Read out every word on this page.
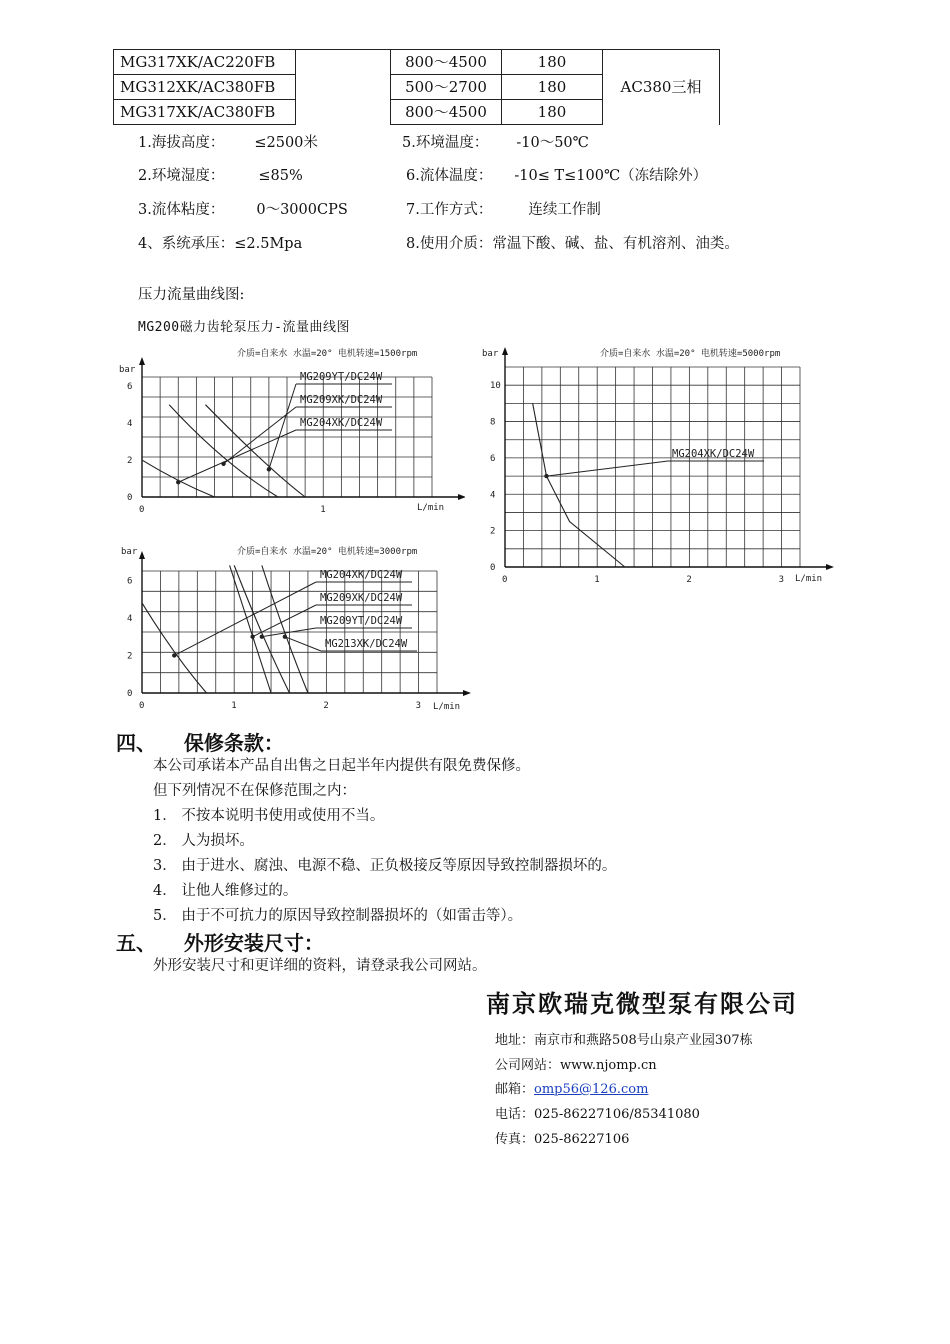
MG317XK/AC220FB		800～4500	180	AC380三相
MG312XK/AC380FB		500～2700	180	
MG317XK/AC380FB		800～4500	180	
1.海拔高度： ≤2500米	5.环境温度： -10～50℃
2.环境湿度： ≤85%	6.流体温度： -10≤ T≤100℃（冻结除外）
3.流体粘度： 0～3000CPS	7.工作方式： 连续工作制
4、系统承压：≤2.5Mpa	8.使用介质：常温下酸、碱、盐、有机溶剂、油类。
压力流量曲线图:
MG200磁力齿轮泵压力-流量曲线图
介质=自来水 水温=20° 电机转速=1500rpm
bar
L/min
0	1
0
2
4
6
MG209YT/DC24W
MG209XK/DC24W
MG204XK/DC24W
介质=自来水 水温=20° 电机转速=5000rpm
bar
L/min
0	1	2	3
0
2
4
6
8
10
MG204XK/DC24W
介质=自来水 水温=20° 电机转速=3000rpm
bar
L/min
0	1	2	3
0
2
4
6
MG204XK/DC24W
MG209XK/DC24W
MG209YT/DC24W
MG213XK/DC24W
四、    保修条款：
本公司承诺本产品自出售之日起半年内提供有限免费保修。
但下列情况不在保修范围之内：
1． 不按本说明书使用或使用不当。
2． 人为损坏。
3． 由于进水、腐浊、电源不稳、正负极接反等原因导致控制器损坏的。
4． 让他人维修过的。
5． 由于不可抗力的原因导致控制器损坏的（如雷击等）。
五、    外形安装尺寸：
外形安装尺寸和更详细的资料，请登录我公司网站。
南京欧瑞克微型泵有限公司
地址：南京市和燕路508号山泉产业园307栋
公司网站：www.njomp.cn
邮箱：omp56@126.com
电话：025-86227106/85341080
传真：025-86227106
